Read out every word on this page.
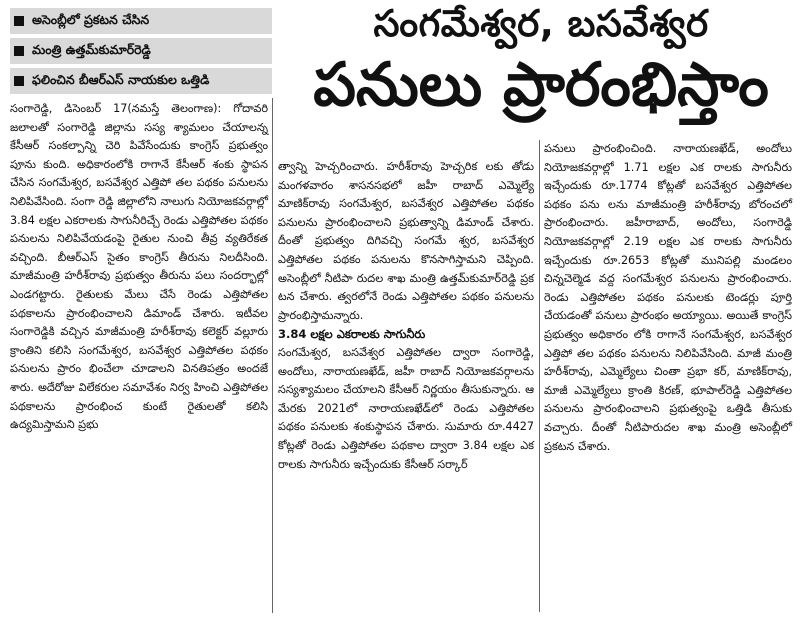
అసెంబ్లీలో ప్రకటన చేసిన
మంత్రి ఉత్తమ్‌కుమార్‌రెడ్డి
ఫలించిన బీఆర్ఎస్ నాయకుల ఒత్తిడి
సంగమేశ్వర, బసవేశ్వర
పనులు ప్రారంభిస్తాం

సంగారెడ్డి, డిసెంబర్ 17(నమస్తే తెలంగాణ): గోదావరి జలాలతో సంగారెడ్డి జిల్లాను సస్య శ్యామలం చేయాలన్న కేసీఆర్ సంకల్పాన్ని చెరి పివేసేందుకు కాంగ్రెస్ ప్రభుత్వం పూను కుంది. అధికారంలోకి రాగానే కేసీఆర్ శంకు స్థాపన చేసిన సంగమేశ్వర, బసవేశ్వర ఎత్తిపో తల పథకం పనులను నిలిపివేసింది. సంగా రెడ్డి జిల్లాలోని నాలుగు నియోజకవర్గాల్లో 3.84 లక్షల ఎకరాలకు సాగునీరిచ్చే రెండు ఎత్తిపోతల పథకం పనులను నిలిపివేయడంపై రైతుల నుంచి తీవ్ర వ్యతిరేకత వచ్చింది. బీఆర్ఎస్ సైతం కాంగ్రెస్ తీరును నిలదీసింది. మాజీమంత్రి హరీశ్‌రావు ప్రభుత్వం తీరును పలు సందర్భాల్లో ఎండగట్టారు. రైతులకు మేలు చేసే రెండు ఎత్తిపోతల పథకాలను ప్రారంభించాలని డిమాండ్ చేశారు. ఇటీవల సంగారెడ్డికి వచ్చిన మాజీమంత్రి హరీశ్‌రావు కలెక్టర్ వల్లూరు క్రాంతిని కలిసి సంగమేశ్వర, బసవేశ్వర ఎత్తిపోతల పథకం పనులను ప్రారం భించేలా చూడాలని వినతిపత్రం అందజే శారు. అదేరోజు విలేకరుల సమావేశం నిర్వ హించి ఎత్తిపోతల పథకాలను ప్రారంభించ కుంటే రైతులతో కలిసి ఉద్యమిస్తామని ప్రభు

త్వాన్ని హెచ్చరించారు. హరీశ్‌రావు హెచ్చరిక లకు తోడు మంగళవారం శాసనసభలో జహీ రాబాద్ ఎమ్మెల్యే మాణిక్‌రావు సంగమేశ్వర, బసవేశ్వర ఎత్తిపోతల పథకం పనులను ప్రారంభించాలని ప్రభుత్వాన్ని డిమాండ్ చేశారు. దీంతో ప్రభుత్వం దిగివచ్చి సంగమే శ్వర, బసవేశ్వర ఎత్తిపోతల పథకం పనులను కొనసాగిస్తామని చెప్పింది. అసెంబ్లీలో నీటిపా రుదల శాఖ మంత్రి ఉత్తమ్‌కుమార్‌రెడ్డి ప్రక టన చేశారు. త్వరలోనే రెండు ఎత్తిపోతల పథకం పనులను ప్రారంభిస్తామన్నారు.

3.84 లక్షల ఎకరాలకు సాగునీరు

సంగమేశ్వర, బసవేశ్వర ఎత్తిపోతల ద్వారా సంగారెడ్డి, అందోలు, నారాయణఖేడ్, జహీ రాబాద్ నియోజకవర్గాలను సస్యశ్యామలం చేయాలని కేసీఆర్ నిర్ణయం తీసుకున్నారు. ఆ మేరకు 2021లో నారాయణఖేడ్‌లో రెండు ఎత్తిపోతల పథకం పనులకు శంకుస్థాపన చేశారు. సుమారు రూ.4427 కోట్లతో రెండు ఎత్తిపోతల పథకాల ద్వారా 3.84 లక్షల ఎక రాలకు సాగునీరు ఇచ్చేందుకు కేసీఆర్ సర్కార్

పనులు ప్రారంభించింది. నారాయణఖేడ్, అందోలు నియోజకవర్గాల్లో 1.71 లక్షల ఎక రాలకు సాగునీరు ఇచ్చేందుకు రూ.1774 కోట్లతో బసవేశ్వర ఎత్తిపోతల పథకం పను లను మాజీమంత్రి హరీశ్‌రావు బోరంచలో ప్రారంభించారు. జహీరాబాద్, అందోలు, సంగారెడ్డి నియోజకవర్గాల్లో 2.19 లక్షల ఎక రాలకు సాగునీరు ఇచ్చేందుకు రూ.2653 కోట్లతో మునిపల్లి మండలం చిన్నచెల్మెడ వద్ద సంగమేశ్వర పనులను ప్రారంభించారు. రెండు ఎత్తిపోతల పథకం పనులకు టెండర్లు పూర్తి చేయడంతో పనులు ప్రారంభం అయ్యాయి. అయితే కాంగ్రెస్ ప్రభుత్వం అధికారం లోకి రాగానే సంగమేశ్వర, బసవేశ్వర ఎత్తిపో తల పథకం పనులను నిలిపివేసింది. మాజీ మంత్రి హరీశ్‌రావు, ఎమ్మెల్యేలు చింతా ప్రభా కర్, మాణిక్‌రావు, మాజీ ఎమ్మెల్యేలు క్రాంతి కిరణ్, భూపాల్‌రెడ్డి ఎత్తిపోతల పనులను ప్రారంభించాలని ప్రభుత్వంపై ఒత్తిడి తీసుకు వచ్చారు. దీంతో నీటిపారుదల శాఖ మంత్రి అసెంబ్లీలో ప్రకటన చేశారు.
